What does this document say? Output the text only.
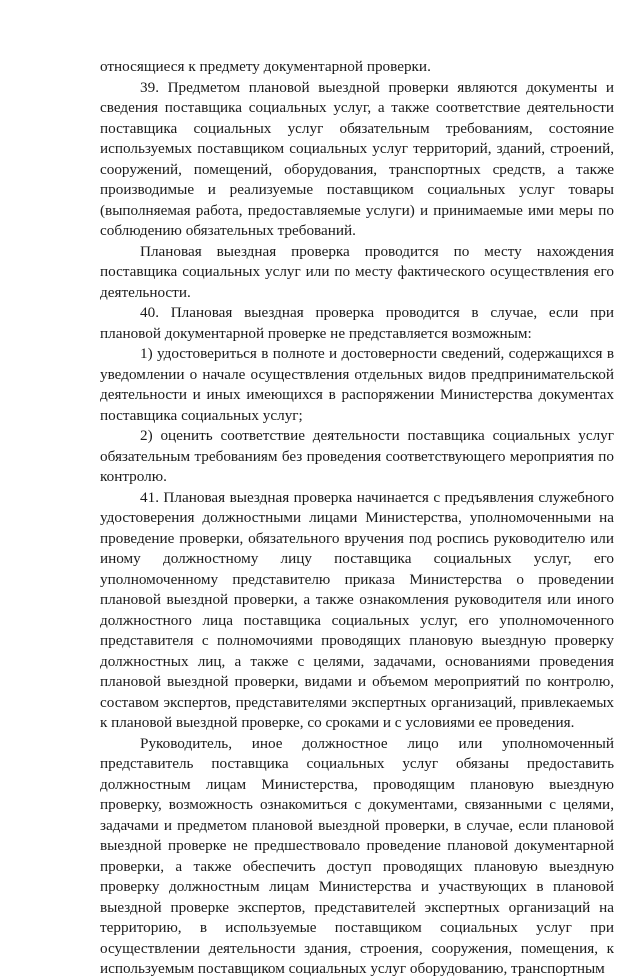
относящиеся к предмету документарной проверки.

39. Предметом плановой выездной проверки являются документы и сведения поставщика социальных услуг, а также соответствие деятельности поставщика социальных услуг обязательным требованиям, состояние используемых поставщиком социальных услуг территорий, зданий, строений, сооружений, помещений, оборудования, транспортных средств, а также производимые и реализуемые поставщиком социальных услуг товары (выполняемая работа, предоставляемые услуги) и принимаемые ими меры по соблюдению обязательных требований.

Плановая выездная проверка проводится по месту нахождения поставщика социальных услуг или по месту фактического осуществления его деятельности.

40. Плановая выездная проверка проводится в случае, если при плановой документарной проверке не представляется возможным:

1) удостовериться в полноте и достоверности сведений, содержащихся в уведомлении о начале осуществления отдельных видов предпринимательской деятельности и иных имеющихся в распоряжении Министерства документах поставщика социальных услуг;

2) оценить соответствие деятельности поставщика социальных услуг обязательным требованиям без проведения соответствующего мероприятия по контролю.

41. Плановая выездная проверка начинается с предъявления служебного удостоверения должностными лицами Министерства, уполномоченными на проведение проверки, обязательного вручения под роспись руководителю или иному должностному лицу поставщика социальных услуг, его уполномоченному представителю приказа Министерства о проведении плановой выездной проверки, а также ознакомления руководителя или иного должностного лица поставщика социальных услуг, его уполномоченного представителя с полномочиями проводящих плановую выездную проверку должностных лиц, а также с целями, задачами, основаниями проведения плановой выездной проверки, видами и объемом мероприятий по контролю, составом экспертов, представителями экспертных организаций, привлекаемых к плановой выездной проверке, со сроками и с условиями ее проведения.

Руководитель, иное должностное лицо или уполномоченный представитель поставщика социальных услуг обязаны предоставить должностным лицам Министерства, проводящим плановую выездную проверку, возможность ознакомиться с документами, связанными с целями, задачами и предметом плановой выездной проверки, в случае, если плановой выездной проверке не предшествовало проведение плановой документарной проверки, а также обеспечить доступ проводящих плановую выездную проверку должностным лицам Министерства и участвующих в плановой выездной проверке экспертов, представителей экспертных организаций на территорию, в используемые поставщиком социальных услуг при осуществлении деятельности здания, строения, сооружения, помещения, к используемым поставщиком социальных услуг оборудованию, транспортным
